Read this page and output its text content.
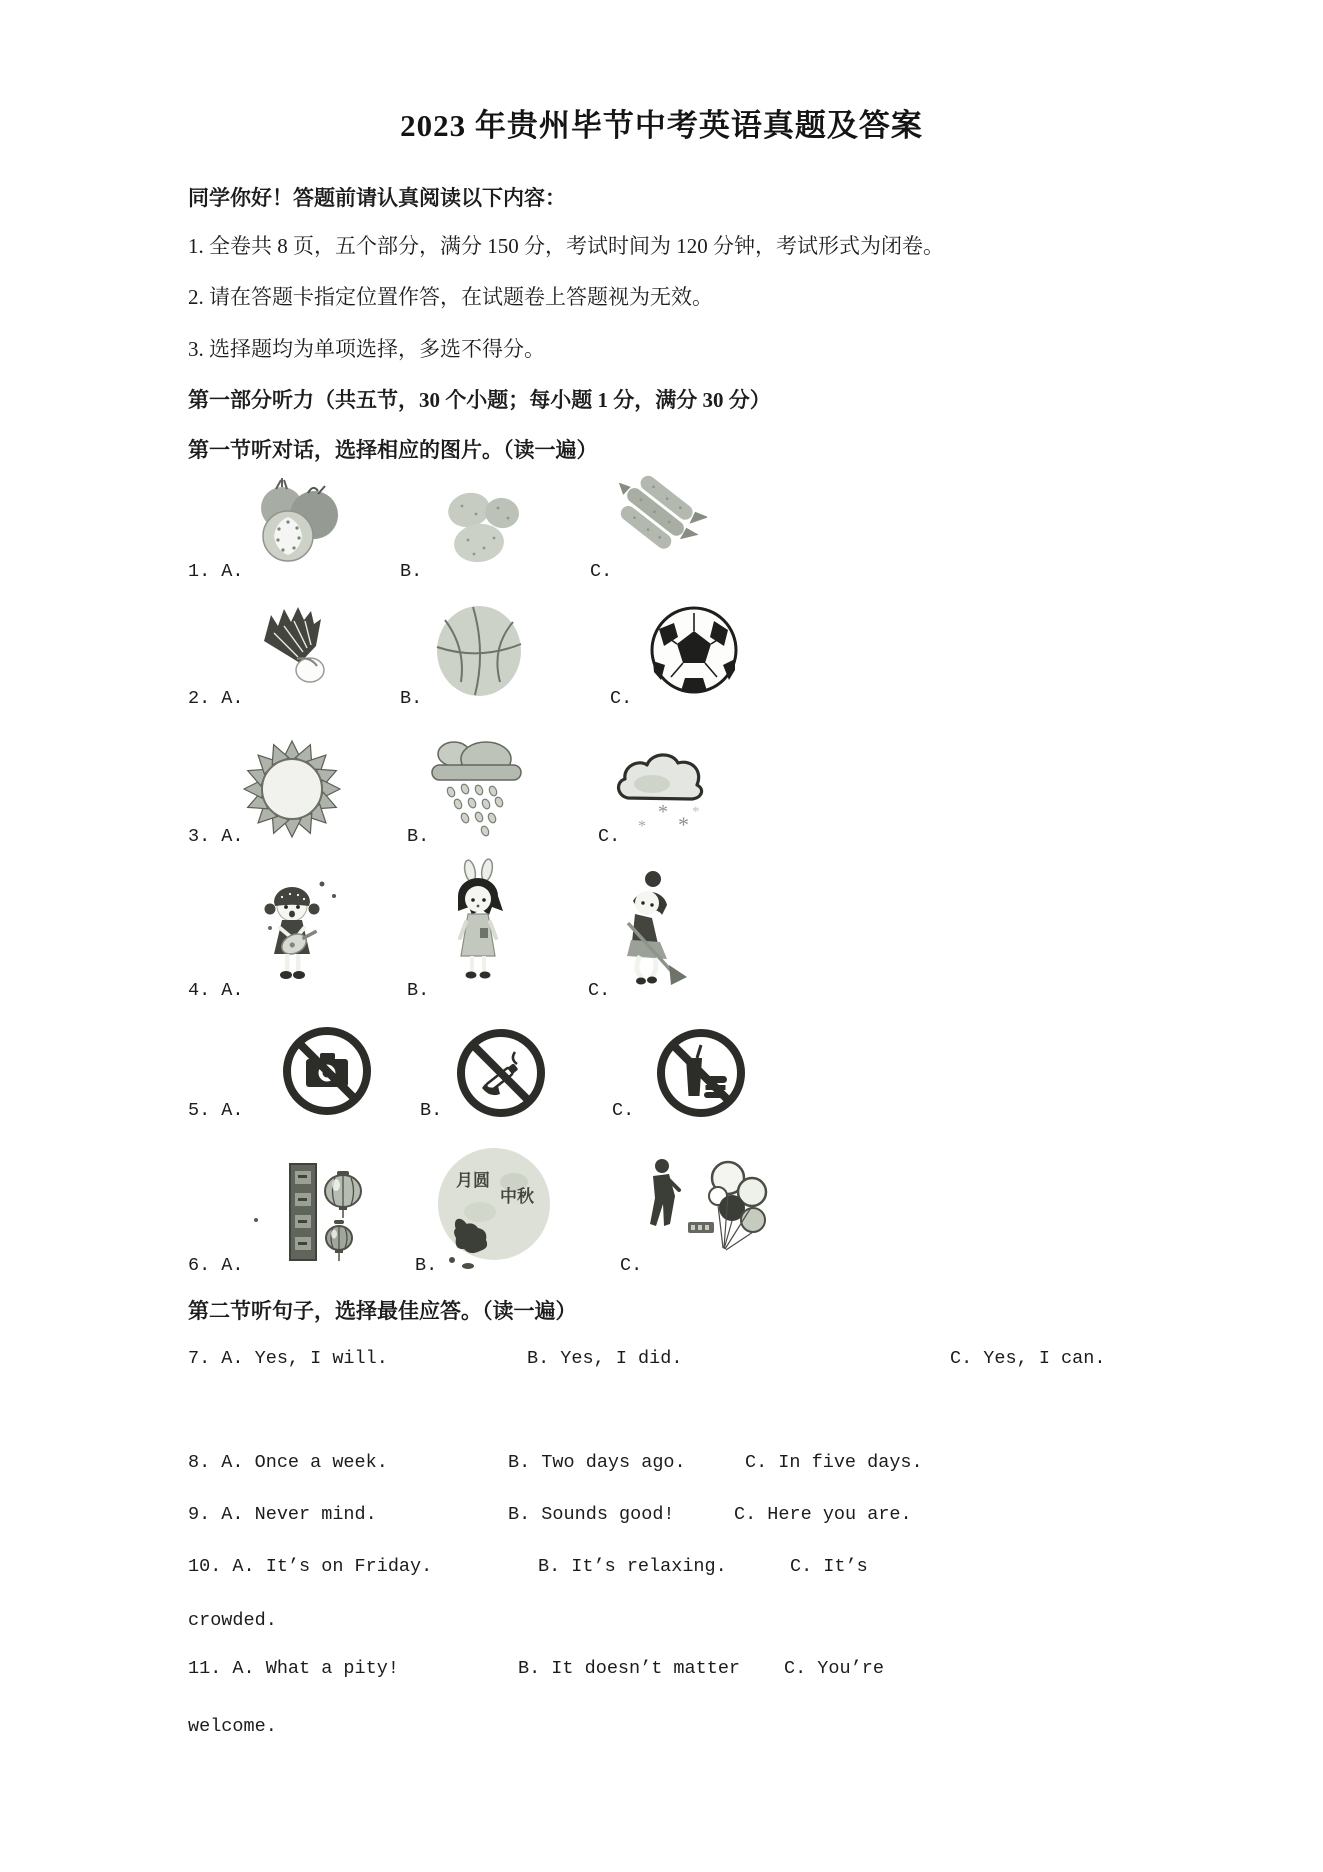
2023 年贵州毕节中考英语真题及答案
同学你好！答题前请认真阅读以下内容：
1. 全卷共 8 页，五个部分，满分 150 分，考试时间为 120 分钟，考试形式为闭卷。
2. 请在答题卡指定位置作答，在试题卷上答题视为无效。
3. 选择题均为单项选择，多选不得分。
第一部分听力（共五节，30 个小题；每小题 1 分，满分 30 分）
第一节听对话，选择相应的图片。（读一遍）
1. A.	B.	C.
2. A.	B.	C.
*
* * *
3. A.	B.	C.
4. A.	B.	C.
5. A.	B.	C.
月圆
中秋
6. A.	B.	C.
第二节听句子，选择最佳应答。（读一遍）
7. A. Yes, I will.	B. Yes, I did.	C. Yes, I can.
8. A. Once a week.	B. Two days ago.	C. In five days.
9. A. Never mind.	B. Sounds good!	C. Here you are.
10. A. It’s on Friday.	B. It’s relaxing.	C. It’s
crowded.
11. A. What a pity!	B. It doesn’t matter C. You’re
welcome.
